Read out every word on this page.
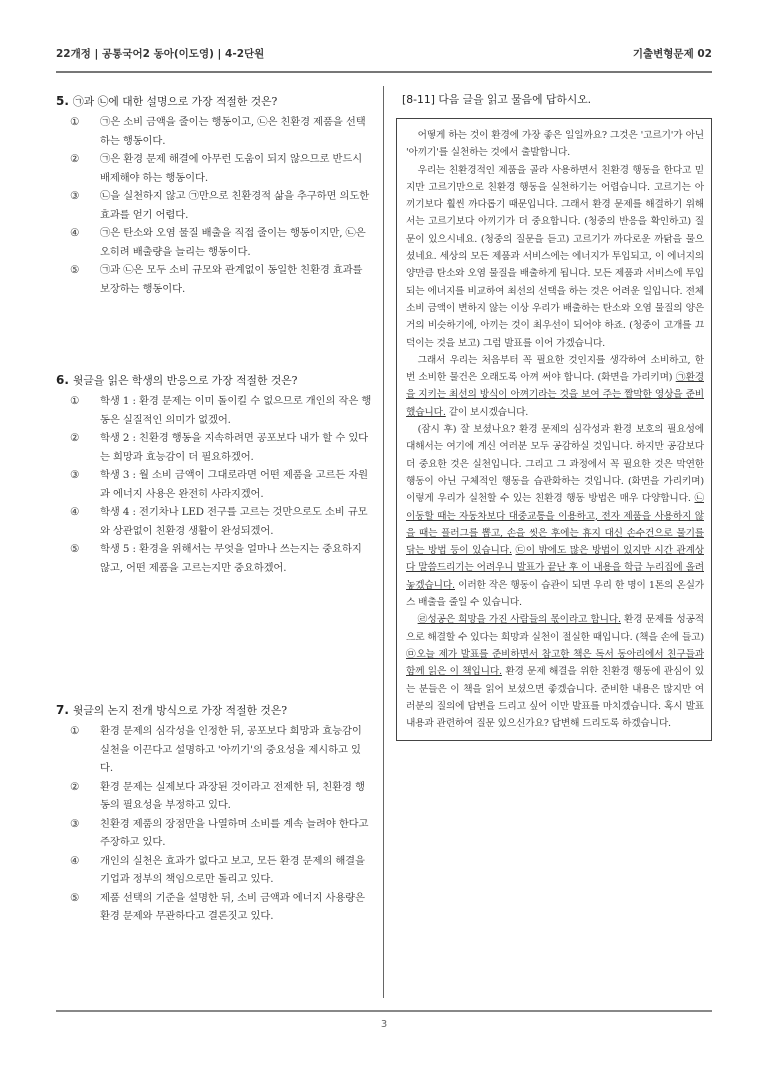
22개정 | 공통국어2 동아(이도영) | 4-2단원	기출변형문제 02

5. ㉠과 ㉡에 대한 설명으로 가장 적절한 것은?

① ㉠은 소비 금액을 줄이는 행동이고, ㉡은 친환경 제품을 선택하는 행동이다.
② ㉠은 환경 문제 해결에 아무런 도움이 되지 않으므로 반드시 배제해야 하는 행동이다.
③ ㉡을 실천하지 않고 ㉠만으로 친환경적 삶을 추구하면 의도한 효과를 얻기 어렵다.
④ ㉠은 탄소와 오염 물질 배출을 직접 줄이는 행동이지만, ㉡은 오히려 배출량을 늘리는 행동이다.
⑤ ㉠과 ㉡은 모두 소비 규모와 관계없이 동일한 친환경 효과를 보장하는 행동이다.

6. 윗글을 읽은 학생의 반응으로 가장 적절한 것은?

① 학생 1 : 환경 문제는 이미 돌이킬 수 없으므로 개인의 작은 행동은 실질적인 의미가 없겠어.
② 학생 2 : 친환경 행동을 지속하려면 공포보다 내가 할 수 있다는 희망과 효능감이 더 필요하겠어.
③ 학생 3 : 월 소비 금액이 그대로라면 어떤 제품을 고르든 자원과 에너지 사용은 완전히 사라지겠어.
④ 학생 4 : 전기차나 LED 전구를 고르는 것만으로도 소비 규모와 상관없이 친환경 생활이 완성되겠어.
⑤ 학생 5 : 환경을 위해서는 무엇을 얼마나 쓰는지는 중요하지 않고, 어떤 제품을 고르는지만 중요하겠어.

7. 윗글의 논지 전개 방식으로 가장 적절한 것은?

① 환경 문제의 심각성을 인정한 뒤, 공포보다 희망과 효능감이 실천을 이끈다고 설명하고 '아끼기'의 중요성을 제시하고 있다.
② 환경 문제는 실제보다 과장된 것이라고 전제한 뒤, 친환경 행동의 필요성을 부정하고 있다.
③ 친환경 제품의 장점만을 나열하며 소비를 계속 늘려야 한다고 주장하고 있다.
④ 개인의 실천은 효과가 없다고 보고, 모든 환경 문제의 해결을 기업과 정부의 책임으로만 돌리고 있다.
⑤ 제품 선택의 기준을 설명한 뒤, 소비 금액과 에너지 사용량은 환경 문제와 무관하다고 결론짓고 있다.

[8-11] 다음 글을 읽고 물음에 답하시오.

어떻게 하는 것이 환경에 가장 좋은 일일까요? 그것은 '고르기'가 아닌 '아끼기'를 실천하는 것에서 출발합니다.

우리는 친환경적인 제품을 골라 사용하면서 친환경 행동을 한다고 믿지만 고르기만으로 친환경 행동을 실천하기는 어렵습니다. 고르기는 아끼기보다 훨씬 까다롭기 때문입니다. 그래서 환경 문제를 해결하기 위해서는 고르기보다 아끼기가 더 중요합니다. (청중의 반응을 확인하고) 질문이 있으시네요. (청중의 질문을 듣고) 고르기가 까다로운 까닭을 물으셨네요. 세상의 모든 제품과 서비스에는 에너지가 투입되고, 이 에너지의 양만큼 탄소와 오염 물질을 배출하게 됩니다. 모든 제품과 서비스에 투입되는 에너지를 비교하여 최선의 선택을 하는 것은 어려운 일입니다. 전체 소비 금액이 변하지 않는 이상 우리가 배출하는 탄소와 오염 물질의 양은 거의 비슷하기에, 아끼는 것이 최우선이 되어야 하죠. (청중이 고개를 끄덕이는 것을 보고) 그럼 발표를 이어 가겠습니다.

그래서 우리는 처음부터 꼭 필요한 것인지를 생각하여 소비하고, 한 번 소비한 물건은 오래도록 아껴 써야 합니다. (화면을 가리키며) ㉠환경을 지키는 최선의 방식이 아껴기라는 것을 보여 주는 짤막한 영상을 준비했습니다. 같이 보시겠습니다.

(잠시 후) 잘 보셨나요? 환경 문제의 심각성과 환경 보호의 필요성에 대해서는 여기에 계신 여러분 모두 공감하실 것입니다. 하지만 공감보다 더 중요한 것은 실천입니다. 그리고 그 과정에서 꼭 필요한 것은 막연한 행동이 아닌 구체적인 행동을 습관화하는 것입니다. (화면을 가리키며) 이렇게 우리가 실천할 수 있는 친환경 행동 방법은 매우 다양합니다. ㉡이동할 때는 자동차보다 대중교통을 이용하고, 전자 제품을 사용하지 않을 때는 플러그를 뽑고, 손을 씻은 후에는 휴지 대신 손수건으로 물기를 닦는 방법 등이 있습니다. ㉢이 밖에도 많은 방법이 있지만 시간 관계상 다 말씀드리기는 어려우니 발표가 끝난 후 이 내용을 학급 누리집에 올려놓겠습니다. 이러한 작은 행동이 습관이 되면 우리 한 명이 1톤의 온실가스 배출을 줄일 수 있습니다.

㉣성공은 희망을 가진 사람들의 몫이라고 합니다. 환경 문제를 성공적으로 해결할 수 있다는 희망과 실천이 절실한 때입니다. (책을 손에 들고) ㉤오늘 제가 발표를 준비하면서 참고한 책은 독서 동아리에서 친구들과 함께 읽은 이 책입니다. 환경 문제 해결을 위한 친환경 행동에 관심이 있는 분들은 이 책을 읽어 보셨으면 좋겠습니다. 준비한 내용은 많지만 여러분의 질의에 답변을 드리고 싶어 이만 발표를 마치겠습니다. 혹시 발표 내용과 관련하여 질문 있으신가요? 답변해 드리도록 하겠습니다.

3
